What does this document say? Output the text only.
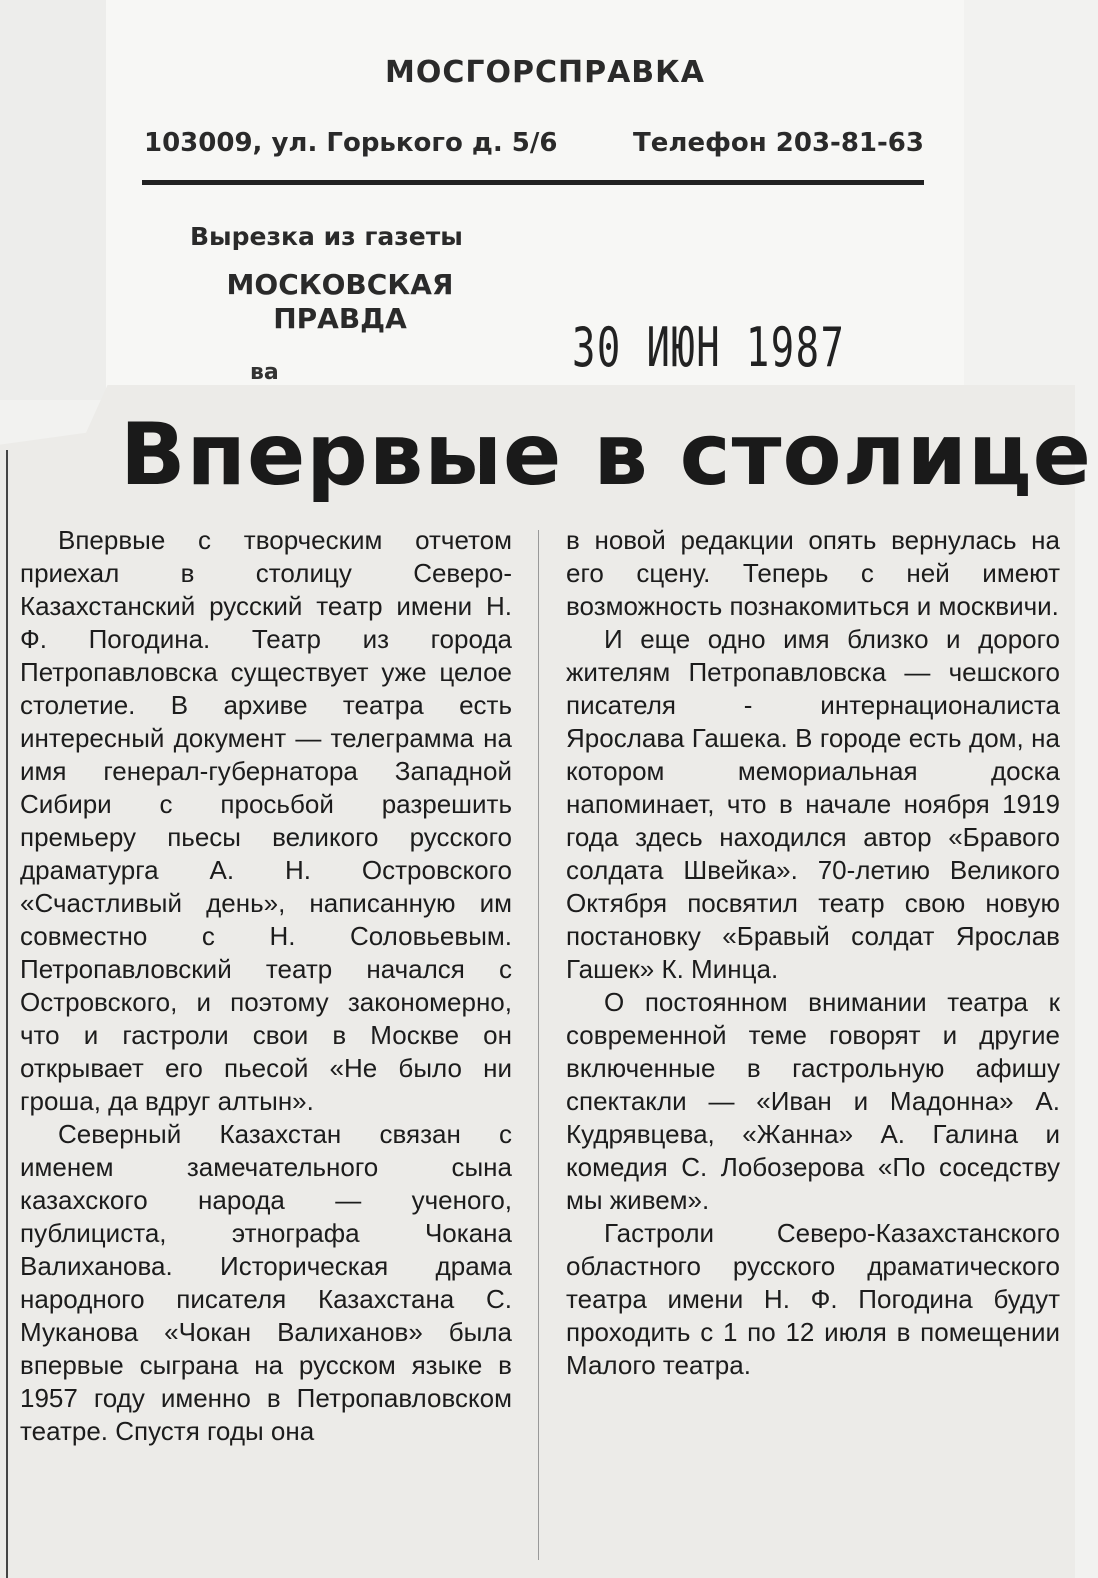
МОСГОРСПРАВКА
103009, ул. Горького д. 5/6	Телефон 203-81-63
Вырезка из газеты
МОСКОВСКАЯ ПРАВДА
ва	30 ИЮН 1987
Впервые в столице

Впервые с творческим отчетом приехал в столицу Северо-Казахстанский русский театр имени Н. Ф. Погодина. Театр из города Петропавловска существует уже целое столетие. В архиве театра есть интересный документ — телеграмма на имя генерал-губернатора Западной Сибири с просьбой разрешить премьеру пьесы великого русского драматурга А. Н. Островского «Счастливый день», написанную им совместно с Н. Соловьевым. Петропавловский театр начался с Островского, и поэтому закономерно, что и гастроли свои в Москве он открывает его пьесой «Не было ни гроша, да вдруг алтын».

Северный Казахстан связан с именем замечательного сына казахского народа — ученого, публициста, этнографа Чокана Валиханова. Историческая драма народного писателя Казахстана С. Муканова «Чокан Валиханов» была впервые сыграна на русском языке в 1957 году именно в Петропавловском театре. Спустя годы она

в новой редакции опять вернулась на его сцену. Теперь с ней имеют возможность познакомиться и москвичи.

И еще одно имя близко и дорого жителям Петропавловска — чешского писателя - интернационалиста Ярослава Гашека. В городе есть дом, на котором мемориальная доска напоминает, что в начале ноября 1919 года здесь находился автор «Бравого солдата Швейка». 70-летию Великого Октября посвятил театр свою новую постановку «Бравый солдат Ярослав Гашек» К. Минца.

О постоянном внимании театра к современной теме говорят и другие включенные в гастрольную афишу спектакли — «Иван и Мадонна» А. Кудрявцева, «Жанна» А. Галина и комедия С. Лобозерова «По соседству мы живем».

Гастроли Северо-Казахстанского областного русского драматического театра имени Н. Ф. Погодина будут проходить с 1 по 12 июля в помещении Малого театра.
